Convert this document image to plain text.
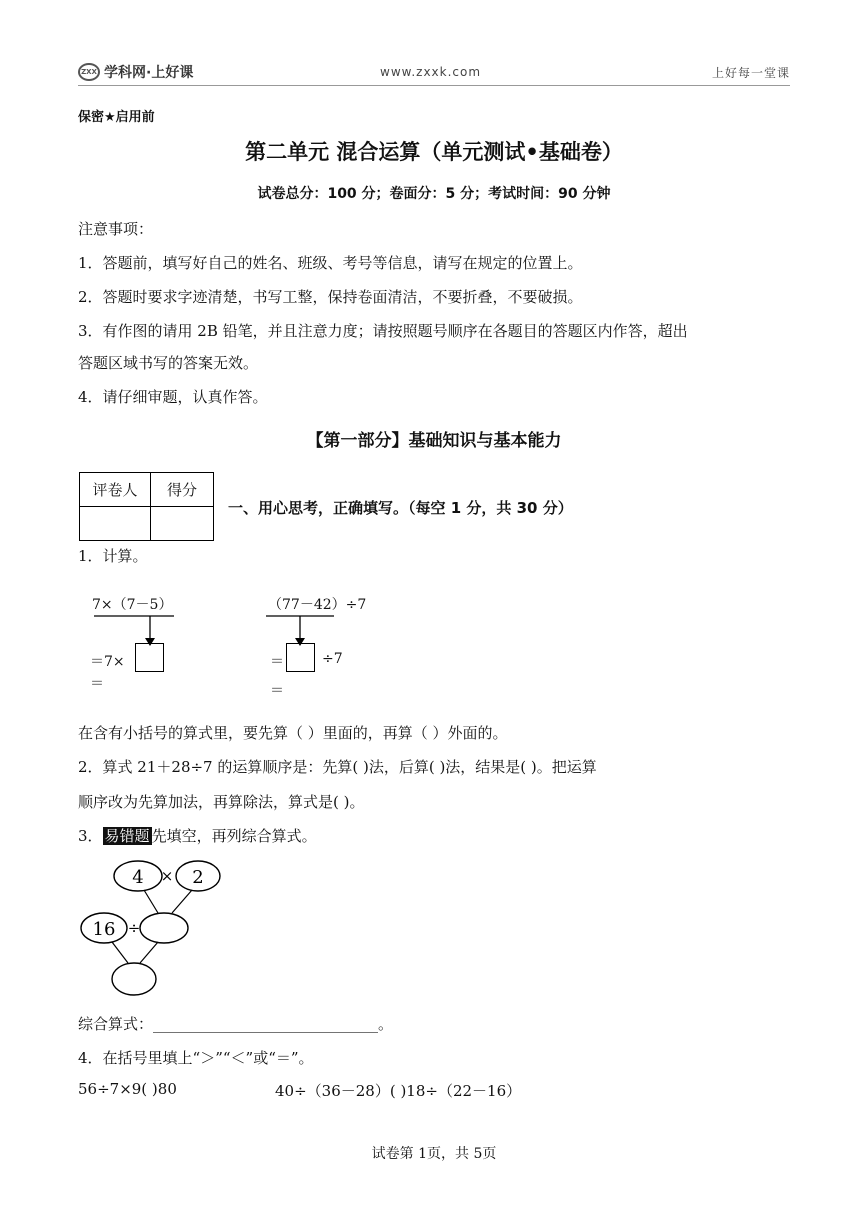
ZXX 学科网·上好课	www.zxxk.com	上好每一堂课
保密★启用前
第二单元 混合运算（单元测试•基础卷）
试卷总分：100 分；卷面分：5 分；考试时间：90 分钟
注意事项：
1．答题前，填写好自己的姓名、班级、考号等信息，请写在规定的位置上。
2．答题时要求字迹清楚，书写工整，保持卷面清洁，不要折叠，不要破损。
3．有作图的请用 2B 铅笔，并且注意力度；请按照题号顺序在各题目的答题区内作答，超出
答题区域书写的答案无效。
4．请仔细审题，认真作答。
【第一部分】基础知识与基本能力
评卷人	得分

一、用心思考，正确填写。（每空 1 分，共 30 分）
1．计算。
7×（7－5）
＝7×
＝
（77－42）÷7
＝	÷7
＝
在含有小括号的算式里，要先算（ ）里面的，再算（ ）外面的。
2．算式 21＋28÷7 的运算顺序是：先算( )法，后算( )法，结果是( )。把运算
顺序改为先算加法，再算除法，算式是( )。
3． 易错题 先填空，再列综合算式。
4 × 2
16 ÷
综合算式：______________________________。
4．在括号里填上“＞”“＜”或“＝”。
56÷7×9( )80	40÷（36－28）( )18÷（22－16）
试卷第 1页，共 5页
